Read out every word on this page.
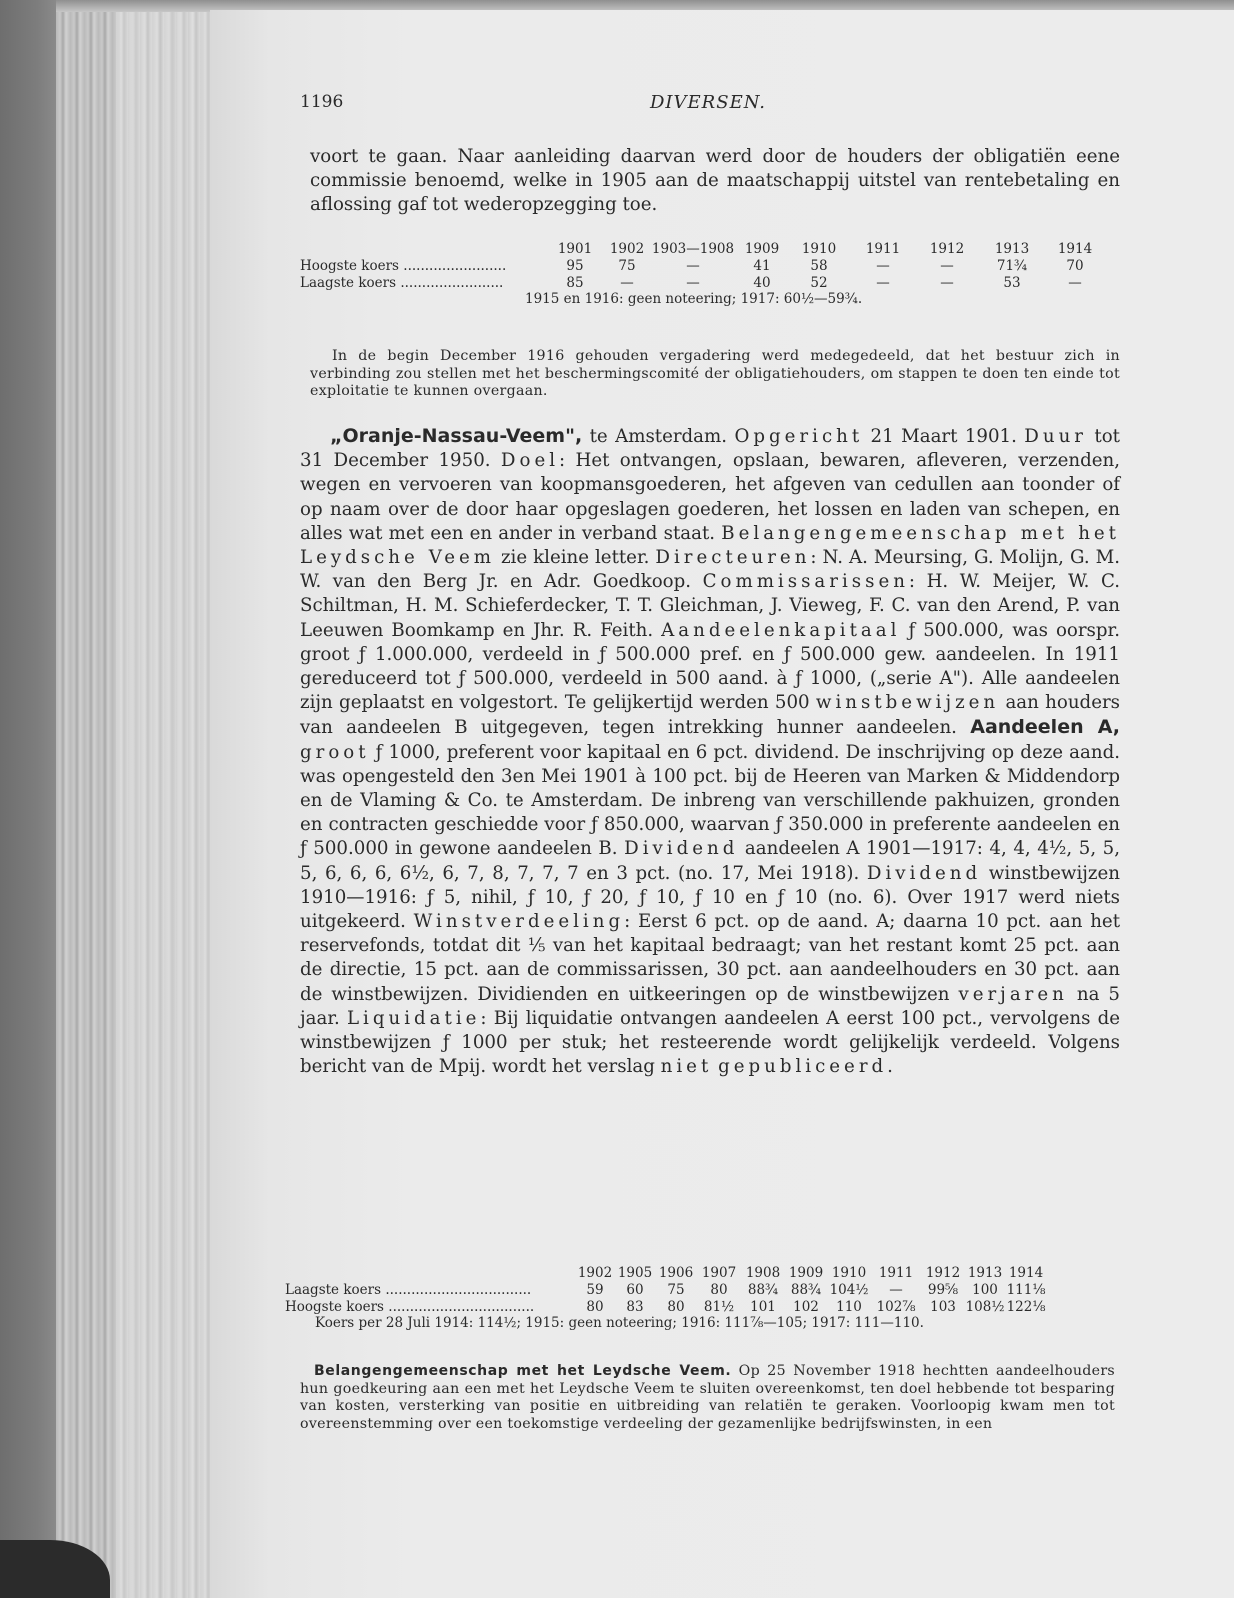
1196	DIVERSEN.

voort te gaan. Naar aanleiding daarvan werd door de houders der obligatiën eene commissie benoemd, welke in 1905 aan de maatschappij uitstel van rentebetaling en aflossing gaf tot wederopzegging toe.

	1901	1902	1903—1908	1909	1910	1911	1912	1913	1914
Hoogste koers ........................	95	75	—	41	58	—	—	71¾	70
Laagste koers ........................	85	—	—	40	52	—	—	53	—
1915 en 1916: geen noteering; 1917: 60½—59¾.

In de begin December 1916 gehouden vergadering werd medegedeeld, dat het bestuur zich in verbinding zou stellen met het beschermingscomité der obligatiehouders, om stappen te doen ten einde tot exploitatie te kunnen overgaan.

„Oranje-Nassau-Veem", te Amsterdam. Opgericht 21 Maart 1901. Duur tot 31 December 1950. Doel: Het ontvangen, opslaan, bewaren, afleveren, verzenden, wegen en vervoeren van koopmansgoederen, het afgeven van cedullen aan toonder of op naam over de door haar opgeslagen goederen, het lossen en laden van schepen, en alles wat met een en ander in verband staat. Belangengemeenschap met het Leydsche Veem zie kleine letter. Directeuren: N. A. Meursing, G. Molijn, G. M. W. van den Berg Jr. en Adr. Goedkoop. Commissarissen: H. W. Meijer, W. C. Schiltman, H. M. Schieferdecker, T. T. Gleichman, J. Vieweg, F. C. van den Arend, P. van Leeuwen Boomkamp en Jhr. R. Feith. Aandeelenkapitaal ƒ 500.000, was oorspr. groot ƒ 1.000.000, verdeeld in ƒ 500.000 pref. en ƒ 500.000 gew. aandeelen. In 1911 gereduceerd tot ƒ 500.000, verdeeld in 500 aand. à ƒ 1000, („serie A"). Alle aandeelen zijn geplaatst en volgestort. Te gelijkertijd werden 500 winstbewijzen aan houders van aandeelen B uitgegeven, tegen intrekking hunner aandeelen. Aandeelen A, groot ƒ 1000, preferent voor kapitaal en 6 pct. dividend. De inschrijving op deze aand. was opengesteld den 3en Mei 1901 à 100 pct. bij de Heeren van Marken & Middendorp en de Vlaming & Co. te Amsterdam. De inbreng van verschillende pakhuizen, gronden en contracten geschiedde voor ƒ 850.000, waarvan ƒ 350.000 in preferente aandeelen en ƒ 500.000 in gewone aandeelen B. Dividend aandeelen A 1901—1917: 4, 4, 4½, 5, 5, 5, 6, 6, 6, 6½, 6, 7, 8, 7, 7, 7 en 3 pct. (no. 17, Mei 1918). Dividend winstbewijzen 1910—1916: ƒ 5, nihil, ƒ 10, ƒ 20, ƒ 10, ƒ 10 en ƒ 10 (no. 6). Over 1917 werd niets uitgekeerd. Winstverdeeling: Eerst 6 pct. op de aand. A; daarna 10 pct. aan het reservefonds, totdat dit ⅕ van het kapitaal bedraagt; van het restant komt 25 pct. aan de directie, 15 pct. aan de commissarissen, 30 pct. aan aandeelhouders en 30 pct. aan de winstbewijzen. Dividienden en uitkeeringen op de winstbewijzen verjaren na 5 jaar. Liquidatie: Bij liquidatie ontvangen aandeelen A eerst 100 pct., vervolgens de winstbewijzen ƒ 1000 per stuk; het resteerende wordt gelijkelijk verdeeld. Volgens bericht van de Mpij. wordt het verslag niet gepubliceerd.

	1902	1905	1906	1907	1908	1909	1910	1911	1912	1913	1914
Laagste koers ..................................	59	60	75	80	88¾	88¾	104½	—	99⅝	100	111⅛
Hoogste koers ..................................	80	83	80	81½	101	102	110	102⅞	103	108½	122⅛
Koers per 28 Juli 1914: 114½; 1915: geen noteering; 1916: 111⅞—105; 1917: 111—110.

Belangengemeenschap met het Leydsche Veem. Op 25 November 1918 hechtten aandeelhouders hun goedkeuring aan een met het Leydsche Veem te sluiten overeenkomst, ten doel hebbende tot besparing van kosten, versterking van positie en uitbreiding van relatiën te geraken. Voorloopig kwam men tot overeenstemming over een toekomstige verdeeling der gezamenlijke bedrijfswinsten, in een
